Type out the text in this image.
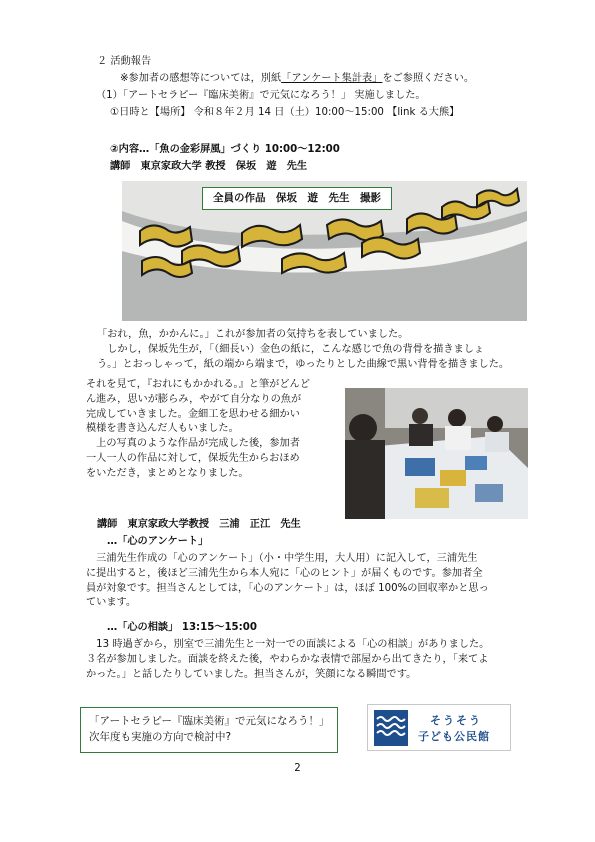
２ 活動報告
※参加者の感想等については，別紙「アンケート集計表」をご参照ください。
（1）「アートセラピー『臨床美術』で元気になろう！」 実施しました。
①日時と【場所】 令和８年２月 14 日（土）10:00～15:00 【link る大熊】
②内容…「魚の金彩屏風」づくり 10:00～12:00
講師　東京家政大学 教授　保坂　遊　先生
全員の作品　保坂　遊　先生　撮影

「おれ，魚，かかんに。」これが参加者の気持ちを表していました。

　しかし，保坂先生が，「（細長い）金色の紙に，こんな感じで魚の背骨を描きましょ

う。」とおっしゃって，紙の端から端まで，ゆったりとした曲線で黒い背骨を描きました。

それを見て，『おれにもかかれる。』と筆がどんど

ん進み，思いが膨らみ，やがて自分なりの魚が

完成していきました。金細工を思わせる細かい

模様を書き込んだ人もいました。

　上の写真のような作品が完成した後，参加者

一人一人の作品に対して，保坂先生からおほめ

をいただき，まとめとなりました。

講師　東京家政大学教授　三浦　正江　先生
…「心のアンケート」

　三浦先生作成の「心のアンケート」（小・中学生用，大人用）に記入して，三浦先生

に提出すると，後ほど三浦先生から本人宛に「心のヒント」が届くものです。参加者全

員が対象です。担当さんとしては，「心のアンケート」は，ほぼ 100%の回収率かと思っ

ています。

…「心の相談」 13:15～15:00

　13 時過ぎから，別室で三浦先生と一対一での面談による「心の相談」がありました。

３名が参加しました。面談を終えた後，やわらかな表情で部屋から出てきたり，「来てよ

かった。」と話したりしていました。担当さんが，笑顔になる瞬間です。

「アートセラピー『臨床美術』で元気になろう！」
次年度も実施の方向で検討中?
そうそう
子ども公民館
2
